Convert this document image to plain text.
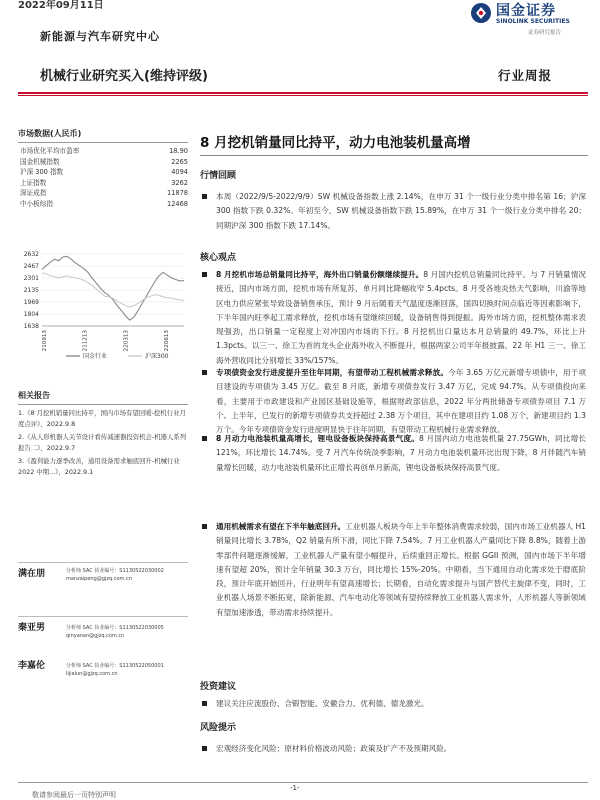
2022年09月11日
新能源与汽车研究中心
国金证券
SINOLINK SECURITIES
证券研究报告
机械行业研究买入(维持评级)	行业周报
市场数据(人民币)
市场优化平均市盈率	18.90
国金机械指数	2265
沪深 300 指数	4094
上证指数	3262
深证成指	11878
中小板综指	12468
2632
2467
2301
2135
1969
1804
1638
210913	211213	220313	220613
国金行业	沪深300
相关报告
1.《8 月挖机销量同比持平，国内市场有望回暖-挖机行业月度点评》，2022.9.8
2.《从人形机器人关节设计看传减速器投资机会-机器人系列报告二》，2022.9.7
3.《盈利能力逐季改善，通用设备需求触底回升-机械行业 2022 中期...》，2022.9.1
满在朋	分析师 SAC 执业编号：S1130522030002
manzaipeng@gjzq.com.cn
秦亚男	分析师 SAC 执业编号：S1130522030005
qinyanan@gjzq.com.cn
李嘉伦	分析师 SAC 执业编号：S1130522050001
lijialun@gjzq.com.cn
8 月挖机销量同比持平，动力电池装机量高增
行情回顾
本周（2022/9/5-2022/9/9）SW 机械设备指数上涨 2.14%，在申万 31 个一级行业分类中排名第 16；沪深 300 指数下跌 0.32%。年初至今，SW 机械设备指数下跌 15.89%，在申万 31 个一级行业分类中排名 20；同期沪深 300 指数下跌 17.14%。
核心观点
8 月挖机市场总销量同比持平，海外出口销量份额继续提升。8 月国内挖机总销量同比持平。与 7 月销量情况接近，国内市场方面，挖机市场有所复苏，单月同比降幅收窄 5.4pcts。8 月受各地炎热天气影响，川渝等地区电力供应紧张导致设备销售承压，预计 9 月后随着天气温度逐渐回落，国四切换时间点临近等因素影响下，下半年国内旺季起工需求释放，挖机市场有望继续回暖，设备销售得到提振。海外市场方面，挖机整体需求表现强劲，出口销量一定程度上对冲国内市场的下行。8 月挖机出口量达本月总销量的 49.7%，环比上升 1.3pcts。以三一、徐工为首的龙头企业海外收入不断提升，根据两家公司半年报披露，22 年 H1 三一、徐工海外营收同比分别增长 33%/157%。
专项债资金发行进度提升至往年同期，有望带动工程机械需求释放。今年 3.65 万亿元新增专项债中，用于项目建设的专项债为 3.45 万亿。截至 8 月底，新增专项债券发行 3.47 万亿，完成 94.7%。从专项债投向来看，主要用于市政建设和产业园区基础设施等，根据财政部信息，2022 年分两批储备专项债券项目 7.1 万个。上半年，已发行的新增专项债券共支持超过 2.38 万个项目，其中在建项目约 1.08 万个，新建项目约 1.3 万个。今年专项债资金发行进度明显快于往年同期，有望带动工程机械行业需求释放。
8 月动力电池装机量高增长，锂电设备板块保持高景气度。8 月国内动力电池装机量 27.75GWh，同比增长 121%，环比增长 14.74%。受 7 月汽车传统淡季影响，7 月动力电池装机量环比出现下降，8 月伴随汽车销量增长回暖，动力电池装机量环比正增长再创单月新高，锂电设备板块保持高景气度。
通用机械需求有望在下半年触底回升。工业机器人板块今年上半年整体消费需求较弱，国内市场工业机器人 H1 销量同比增长 3.78%，Q2 销量有所下滑，同比下降 7.54%。7 月工业机器人产量同比下降 8.8%，随着上游零部件问题逐渐缓解，工业机器人产量有望小幅提升，后续重回正增长。根据 GGII 预测，国内市场下半年增速有望超 20%，预计全年销量 30.3 万台，同比增长 15%-20%。中期看，当下通用自动化需求处于磨底阶段，预计年底开始回升，行业明年有望高速增长；长期看，自动化需求提升与国产替代主旋律不变，同时，工业机器人场景不断拓宽，除新能源、汽车电动化等领域有望持续释放工业机器人需求外，人形机器人等新领域有望加速渗透，带动需求持续提升。
投资建议
建议关注应流股份、合锻智能、安徽合力、优利德、德龙激光。
风险提示
宏观经济变化风险；原材料价格波动风险；政策及扩产不及预期风险。
-1-
敬请参阅最后一页特别声明
